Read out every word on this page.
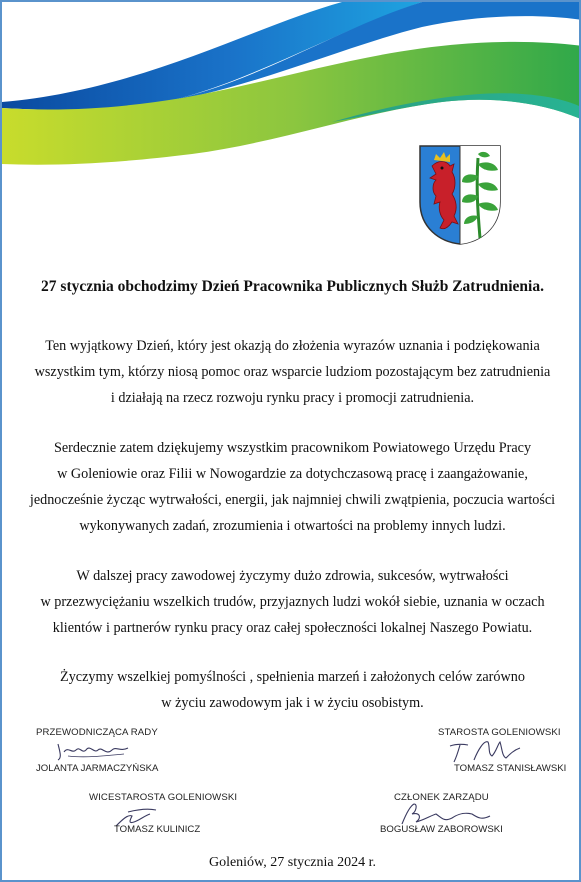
27 stycznia obchodzimy Dzień Pracownika Publicznych Służb Zatrudnienia.
Ten wyjątkowy Dzień, który jest okazją do złożenia wyrazów uznania i podziękowania
wszystkim tym, którzy niosą pomoc oraz wsparcie ludziom pozostającym bez zatrudnienia
i działają na rzecz rozwoju rynku pracy i promocji zatrudnienia.
Serdecznie zatem dziękujemy wszystkim pracownikom Powiatowego Urzędu Pracy
w Goleniowie oraz Filii w Nowogardzie za dotychczasową pracę i zaangażowanie,
jednocześnie życząc wytrwałości, energii, jak najmniej chwili zwątpienia, poczucia wartości
wykonywanych zadań, zrozumienia i otwartości na problemy innych ludzi.
W dalszej pracy zawodowej życzymy dużo zdrowia, sukcesów, wytrwałości
w przezwyciężaniu wszelkich trudów, przyjaznych ludzi wokół siebie, uznania w oczach
klientów i partnerów rynku pracy oraz całej społeczności lokalnej Naszego Powiatu.
Życzymy wszelkiej pomyślności , spełnienia marzeń i założonych celów zarówno
w życiu zawodowym jak i w życiu osobistym.
PRZEWODNICZĄCA RADY
JOLANTA JARMACZYŃSKA
STAROSTA GOLENIOWSKI
TOMASZ STANISŁAWSKI
WICESTAROSTA GOLENIOWSKI
TOMASZ KULINICZ
CZŁONEK ZARZĄDU
BOGUSŁAW ZABOROWSKI
Goleniów, 27 stycznia 2024 r.
